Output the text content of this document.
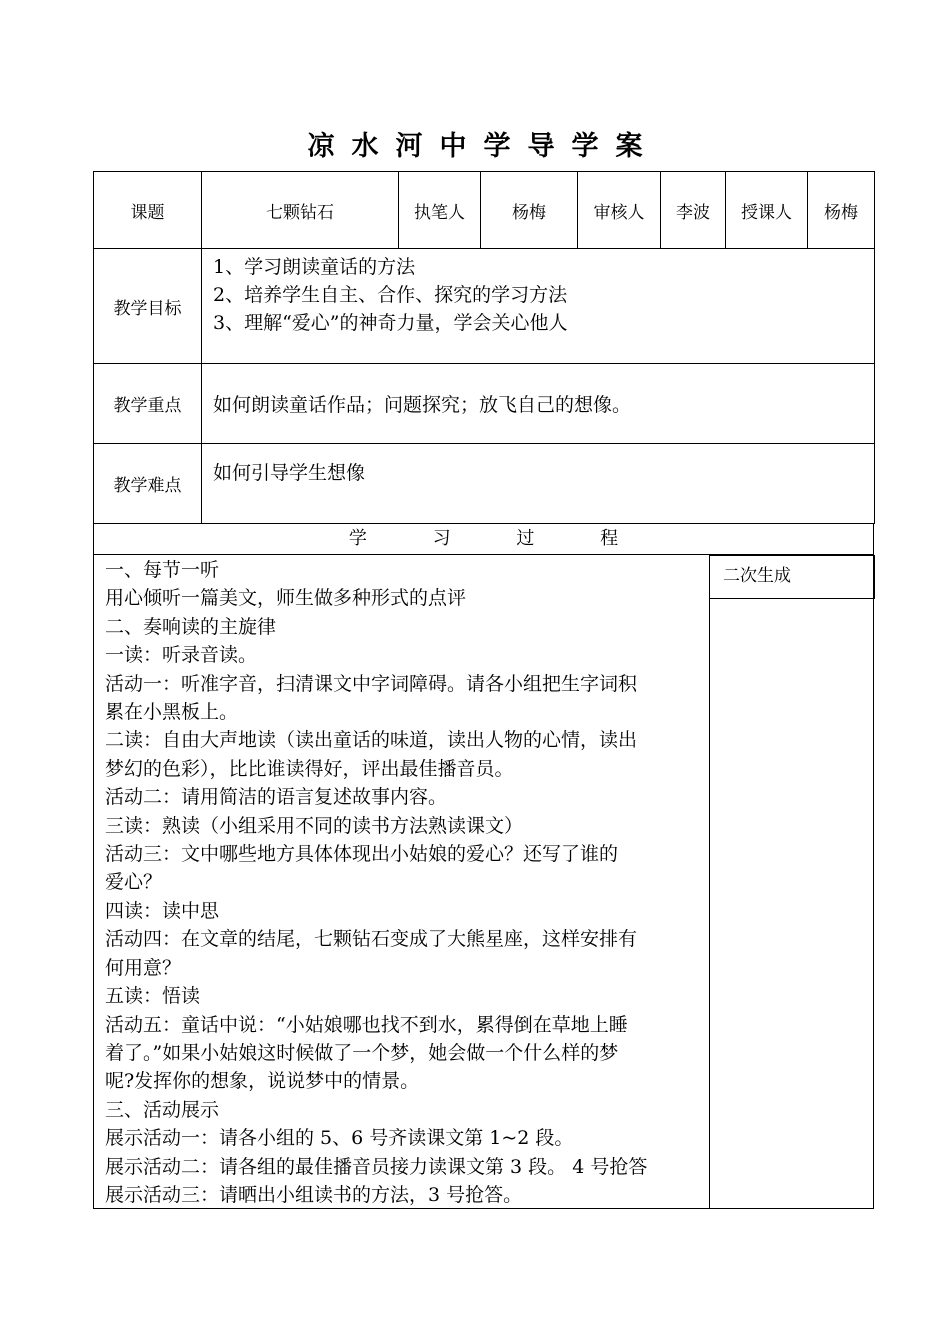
凉水河中学导学案
课题	七颗钻石	执笔人	杨梅	审核人	李波	授课人	杨梅
教学目标	1、学习朗读童话的方法
2、培养学生自主、合作、探究的学习方法
3、理解“爱心”的神奇力量，学会关心他人						

教学重点	如何朗读童话作品；问题探究；放飞自己的想像。						
教学难点	如何引导学生想像						
学	习	过	程
一、每节一听
用心倾听一篇美文，师生做多种形式的点评
二、奏响读的主旋律
一读：听录音读。
活动一：听准字音，扫清课文中字词障碍。请各小组把生字词积
累在小黑板上。
二读：自由大声地读（读出童话的味道，读出人物的心情，读出
梦幻的色彩），比比谁读得好，评出最佳播音员。
活动二：请用简洁的语言复述故事内容。
三读：熟读（小组采用不同的读书方法熟读课文）
活动三：文中哪些地方具体体现出小姑娘的爱心？还写了谁的
爱心？
四读：读中思
活动四：在文章的结尾，七颗钻石变成了大熊星座，这样安排有
何用意？
五读：悟读
活动五：童话中说：“小姑娘哪也找不到水，累得倒在草地上睡
着了。”如果小姑娘这时候做了一个梦，她会做一个什么样的梦
呢?发挥你的想象，说说梦中的情景。
三、活动展示
展示活动一：请各小组的 5、6 号齐读课文第 1~2 段。
展示活动二：请各组的最佳播音员接力读课文第 3 段。 4 号抢答
展示活动三：请晒出小组读书的方法，3 号抢答。
二次生成
